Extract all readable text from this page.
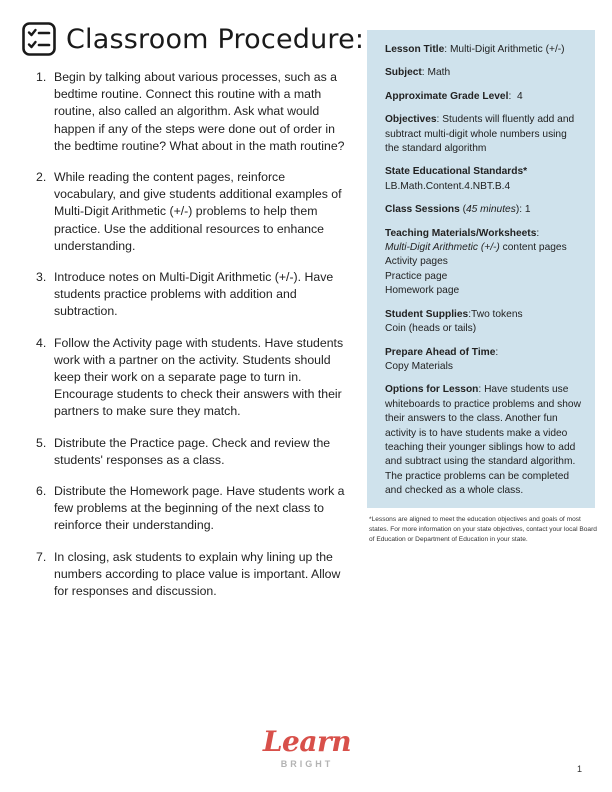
Classroom Procedure:
1. Begin by talking about various processes, such as a bedtime routine. Connect this routine with a math routine, also called an algorithm. Ask what would happen if any of the steps were done out of order in the bedtime routine? What about in the math routine?
2. While reading the content pages, reinforce vocabulary, and give students additional examples of Multi-Digit Arithmetic (+/-) problems to help them practice. Use the additional resources to enhance understanding.
3. Introduce notes on Multi-Digit Arithmetic (+/-). Have students practice problems with addition and subtraction.
4. Follow the Activity page with students. Have students work with a partner on the activity. Students should keep their work on a separate page to turn in. Encourage students to check their answers with their partners to make sure they match.
5. Distribute the Practice page. Check and review the students' responses as a class.
6. Distribute the Homework page. Have students work a few problems at the beginning of the next class to reinforce their understanding.
7. In closing, ask students to explain why lining up the numbers according to place value is important. Allow for responses and discussion.
Lesson Title: Multi-Digit Arithmetic (+/-)
Subject: Math
Approximate Grade Level:  4
Objectives: Students will fluently add and subtract multi-digit whole numbers using the standard algorithm
State Educational Standards*
LB.Math.Content.4.NBT.B.4
Class Sessions (45 minutes): 1
Teaching Materials/Worksheets:
Multi-Digit Arithmetic (+/-) content pages
Activity pages
Practice page
Homework page
Student Supplies:Two tokens
Coin (heads or tails)
Prepare Ahead of Time:
Copy Materials
Options for Lesson: Have students use whiteboards to practice problems and show their answers to the class. Another fun activity is to have students make a video teaching their younger siblings how to add and subtract using the standard algorithm. The practice problems can be completed and checked as a whole class.
*Lessons are aligned to meet the education objectives and goals of most states. For more information on your state objectives, contact your local Board of Education or Department of Education in your state.
Learn
BRIGHT	1
